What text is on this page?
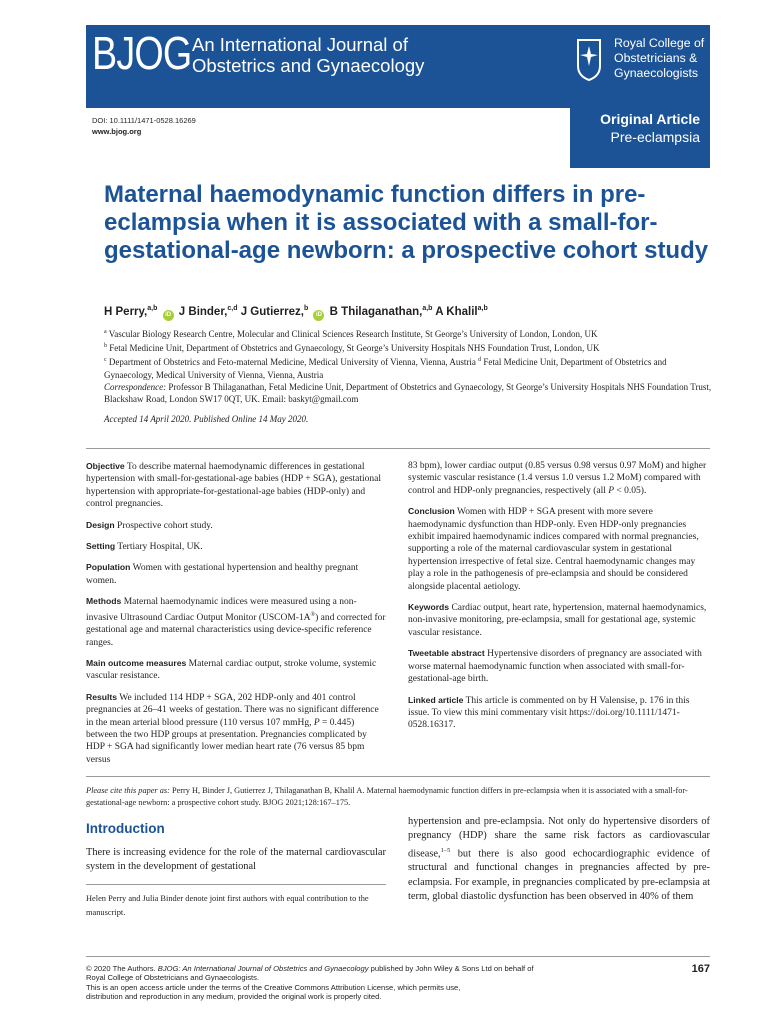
BJOG An International Journal of
Obstetrics and Gynaecology
Royal College of
Obstetricians &
Gynaecologists
DOI: 10.1111/1471-0528.16269
www.bjog.org
Original Article
Pre-eclampsia
Maternal haemodynamic function differs in pre-eclampsia when it is associated with a small-for-gestational-age newborn: a prospective cohort study
H Perry,$^{a,b}$ iD J Binder,$^{c,d}$ J Gutierrez,$^b$ iD B Thilaganathan,$^{a,b}$ A Khalil$^{a,b}$
$^a$ Vascular Biology Research Centre, Molecular and Clinical Sciences Research Institute, St George’s University of London, London, UK
$^b$ Fetal Medicine Unit, Department of Obstetrics and Gynaecology, St George’s University Hospitals NHS Foundation Trust, London, UK
$^c$ Department of Obstetrics and Feto-maternal Medicine, Medical University of Vienna, Vienna, Austria $^d$ Fetal Medicine Unit, Department of Obstetrics and Gynaecology, Medical University of Vienna, Vienna, Austria
Correspondence: Professor B Thilaganathan, Fetal Medicine Unit, Department of Obstetrics and Gynaecology, St George’s University Hospitals NHS Foundation Trust, Blackshaw Road, London SW17 0QT, UK. Email: baskyt@gmail.com
Accepted 14 April 2020. Published Online 14 May 2020.

Objective To describe maternal haemodynamic differences in gestational hypertension with small-for-gestational-age babies (HDP + SGA), gestational hypertension with appropriate-for-gestational-age babies (HDP-only) and control pregnancies.

Design Prospective cohort study.

Setting Tertiary Hospital, UK.

Population Women with gestational hypertension and healthy pregnant women.

Methods Maternal haemodynamic indices were measured using a non-invasive Ultrasound Cardiac Output Monitor (USCOM-1A®) and corrected for gestational age and maternal characteristics using device-specific reference ranges.

Main outcome measures Maternal cardiac output, stroke volume, systemic vascular resistance.

Results We included 114 HDP + SGA, 202 HDP-only and 401 control pregnancies at 26–41 weeks of gestation. There was no significant difference in the mean arterial blood pressure (110 versus 107 mmHg, P = 0.445) between the two HDP groups at presentation. Pregnancies complicated by HDP + SGA had significantly lower median heart rate (76 versus 85 bpm versus

83 bpm), lower cardiac output (0.85 versus 0.98 versus 0.97 MoM) and higher systemic vascular resistance (1.4 versus 1.0 versus 1.2 MoM) compared with control and HDP-only pregnancies, respectively (all P < 0.05).

Conclusion Women with HDP + SGA present with more severe haemodynamic dysfunction than HDP-only. Even HDP-only pregnancies exhibit impaired haemodynamic indices compared with normal pregnancies, supporting a role of the maternal cardiovascular system in gestational hypertension irrespective of fetal size. Central haemodynamic changes may play a role in the pathogenesis of pre-eclampsia and should be considered alongside placental aetiology.

Keywords Cardiac output, heart rate, hypertension, maternal haemodynamics, non-invasive monitoring, pre-eclampsia, small for gestational age, systemic vascular resistance.

Tweetable abstract Hypertensive disorders of pregnancy are associated with worse maternal haemodynamic function when associated with small-for-gestational-age birth.

Linked article This article is commented on by H Valensise, p. 176 in this issue. To view this mini commentary visit https://doi.org/10.1111/1471-0528.16317.

Please cite this paper as: Perry H, Binder J, Gutierrez J, Thilaganathan B, Khalil A. Maternal haemodynamic function differs in pre-eclampsia when it is associated with a small-for-gestational-age newborn: a prospective cohort study. BJOG 2021;128:167–175.
Introduction
There is increasing evidence for the role of the maternal cardiovascular system in the development of gestational
hypertension and pre-eclampsia. Not only do hypertensive disorders of pregnancy (HDP) share the same risk factors as cardiovascular disease,$^{1-5}$ but there is also good echocardiographic evidence of structural and functional changes in pregnancies affected by pre-eclampsia. For example, in pregnancies complicated by pre-eclampsia at term, global diastolic dysfunction has been observed in 40% of them
Helen Perry and Julia Binder denote joint first authors with equal contribution to the manuscript.
© 2020 The Authors. BJOG: An International Journal of Obstetrics and Gynaecology published by John Wiley & Sons Ltd on behalf of
Royal College of Obstetricians and Gynaecologists.
This is an open access article under the terms of the Creative Commons Attribution License, which permits use,
distribution and reproduction in any medium, provided the original work is properly cited.
167
